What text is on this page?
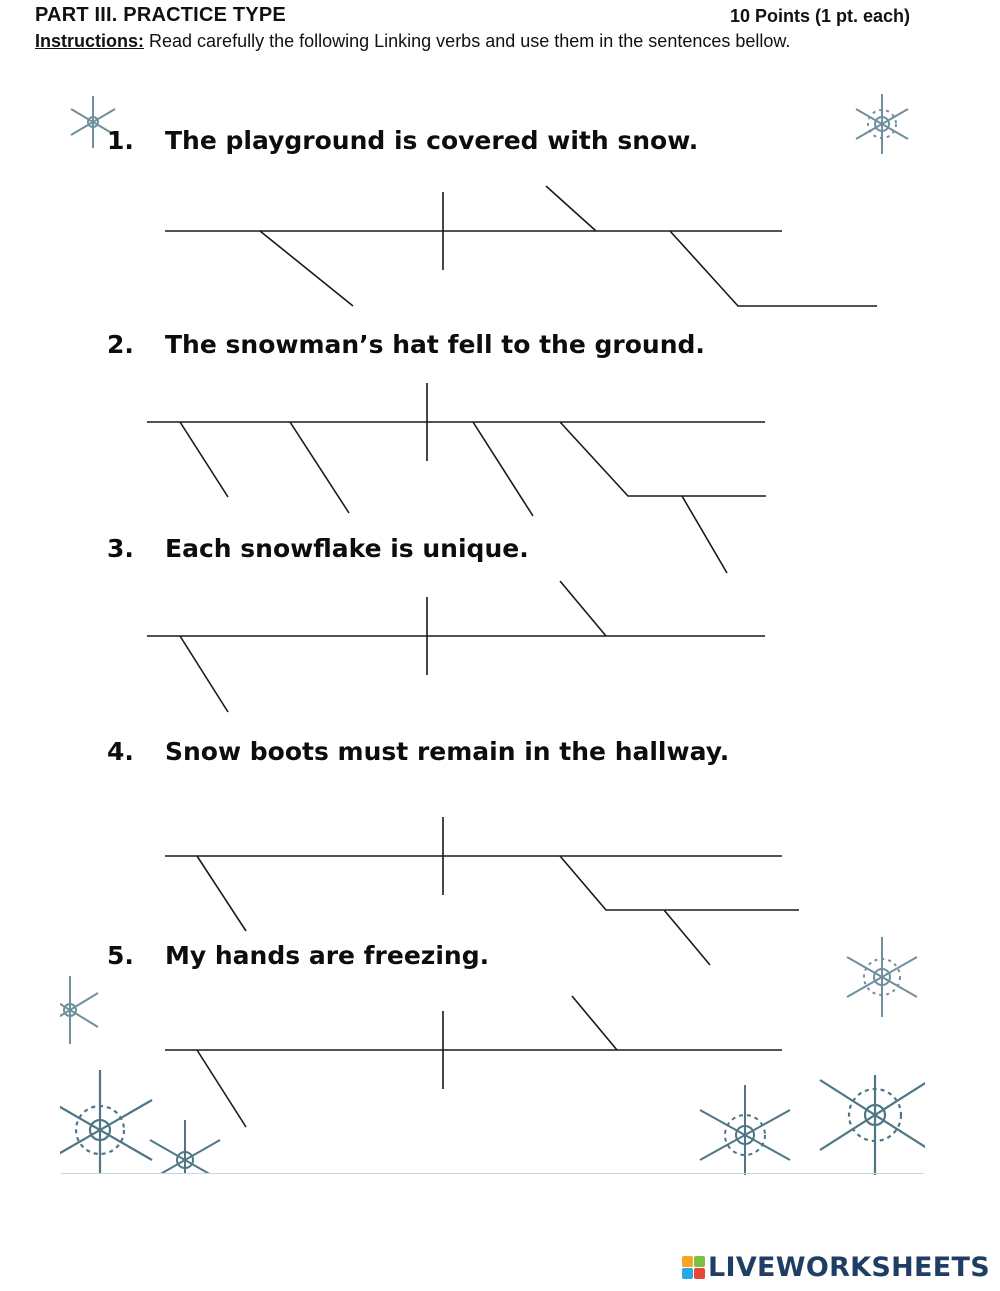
PART III. PRACTICE TYPE	10 Points (1 pt. each)
Instructions: Read carefully the following Linking verbs and use them in the sentences bellow.
1. The playground is covered with snow.
2. The snowman’s hat fell to the ground.
3. Each snowflake is unique.
4. Snow boots must remain in the hallway.
5. My hands are freezing.
LIVEWORKSHEETS
